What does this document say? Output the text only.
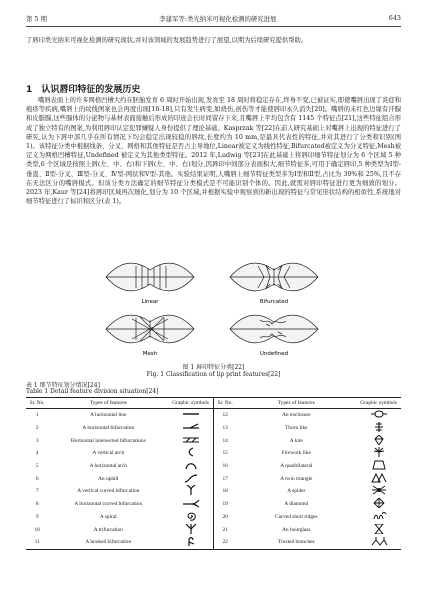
第 5 期	李建军等:类光纳米可视化检测的研究进展	643
了唇印类光纳米可视化检测的研究现状,并对该领域的发展趋势进行了展望,以期为后续研究提供帮助。
1 认识唇印特征的发展历史
嘴唇表面上的许多网格凹槽大约在胚胎发育 6 周时开始出现,发育至 18 周时将稳定存在,终身不变,已被证实,即使嘴唇出现了炎症和疱疹等疾病,嘴唇上的纹线图案也会再度出现[16-18],只有发生病变,如烧伤,创伤等才能使唇印永久消失[20]。嘴唇的未红色边缘有汗腺和皮脂腺,这些腺体的分泌物与基材表面接触后形成的印迹会长时间留存下来,且嘴唇上平均包含有 1145 个特征点[21],这些特征组合形成了独立特有的图案,为利用唇印认定犯罪嫌疑人身份提供了理论基础。Kasprzak 等[22]在前人研究基础上对嘴唇上出现的特征进行了研究,认为下唇中部几乎在所有情况下均会稳定出现较稳的唇纹,长度约为 10 mm,是最具代表性的特征,并对其进行了分类和识别(图 1)。该特征分类中根据线条、分叉、网格和其他特征是否占主导地位,Linear被定义为线性特征,Bifurcated被定义为分叉特征,Mesh被定义为网格凹槽特征,Undefined 被定义为其他类型特征。2012 年,Ludwig 等[23]在此基础上将唇印细节特征划分为 6 个区域 5 种类型,6 个区域是按照上唇(左、中、右)和下唇(左、中、右)划分,因唇印中间部分表面积大,细节特征多,可用于确定唇印,5 种类型为Ⅰ型-垂直、Ⅱ型-分叉、Ⅲ型-分叉、Ⅳ型-网状和Ⅴ型-其他。实验结果证明,人嘴唇上细节特征类型多为Ⅰ型和Ⅱ型,占比为 39%和 25%,且不存在无法区分的嘴唇模式。但该分类方法确定的细节特征分类模式是不可能识别个体的。因此,就需对唇印特征进行更为细致的划分。2023 年,Kaur 等[24]将唇印区域再次细化,划分为 10 个区域,并根据实验中观察到的新出现的特征与常见形状结构的相似性,系统地对细节特征进行了标识和区分(表 1)。
Linear	Bifurcated
Mesh	Undefined
图 1 唇印特征分类[22]
Fig. 1 Classification of lip print features[22]
表 1 细节特征划分情况[24]
Table 1 Detail feature division situation[24]
Sr. No.	Types of features	Graphic symbols	Sr. No.	Types of features	Graphic symbols
1	A horizontal line		12	An enclosure	
2	A horizontal bifurcation		13	Thorn like	
3	Horizontal intersected bifurcations		14	A kite	
4	A vertical arch		15	Firework like	
5	A horizontal arch		16	A quadrilateral	
6	An uphill		17	A twin triangle	
7	A vertical curved bifurcation		18	A spider	
8	A horizontal curved bifurcation		19	A diamond	
9	A spiral		20	Curved short ridges	
10	A trifurcation		21	An hourglass	
11	A hooked bifurcation		22	Trusted branches	
